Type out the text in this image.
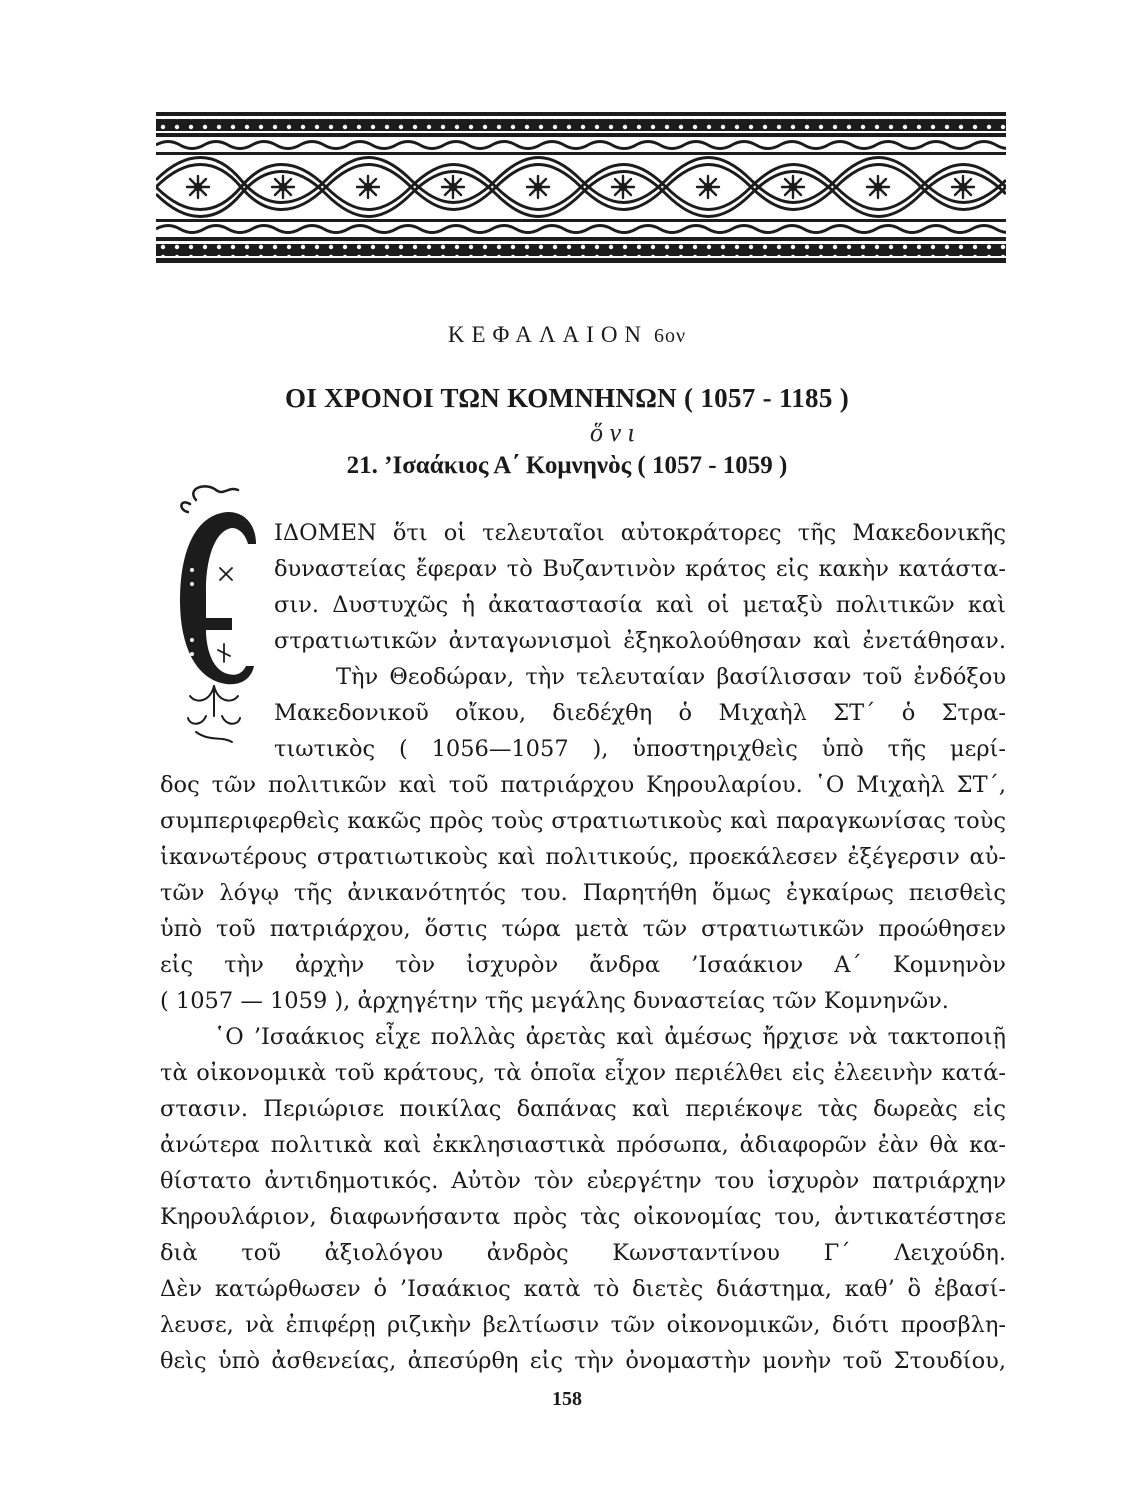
ΚΕΦΑΛΑΙΟΝ 6ον
ΟΙ ΧΡΟΝΟΙ ΤΩΝ ΚΟΜΝΗΝΩΝ ( 1057 - 1185 )
ὅ ν ι
21. ’Ισαάκιος Α΄ Κομνηνὸς ( 1057 - 1059 )
ΙΔΟΜΕΝ ὅτι οἱ τελευταῖοι αὐτοκράτορες τῆς Μακεδονικῆς
δυναστείας ἔφεραν τὸ Βυζαντινὸν κράτος εἰς κακὴν κατάστα-
σιν. Δυστυχῶς ἡ ἀκαταστασία καὶ οἱ μεταξὺ πολιτικῶν καὶ
στρατιωτικῶν ἀνταγωνισμοὶ ἐξηκολούθησαν καὶ ἐνετάθησαν.
Τὴν Θεοδώραν, τὴν τελευταίαν βασίλισσαν τοῦ ἐνδόξου
Μακεδονικοῦ οἴκου, διεδέχθη ὁ Μιχαὴλ ΣΤ΄ ὁ Στρα-
τιωτικὸς ( 1056—1057 ), ὑποστηριχθεὶς ὑπὸ τῆς μερί-
δος τῶν πολιτικῶν καὶ τοῦ πατριάρχου Κηρουλαρίου. ῾Ο Μιχαὴλ ΣΤ΄,
συμπεριφερθεὶς κακῶς πρὸς τοὺς στρατιωτικοὺς καὶ παραγκωνίσας τοὺς
ἱκανωτέρους στρατιωτικοὺς καὶ πολιτικούς, προεκάλεσεν ἐξέγερσιν αὐ-
τῶν λόγῳ τῆς ἀνικανότητός του. Παρητήθη ὅμως ἐγκαίρως πεισθεὶς
ὑπὸ τοῦ πατριάρχου, ὅστις τώρα μετὰ τῶν στρατιωτικῶν προώθησεν
εἰς τὴν ἀρχὴν τὸν ἰσχυρὸν ἄνδρα ’Ισαάκιον Α΄ Κομνηνὸν
( 1057 — 1059 ), ἀρχηγέτην τῆς μεγάλης δυναστείας τῶν Κομνηνῶν.
῾Ο ’Ισαάκιος εἶχε πολλὰς ἀρετὰς καὶ ἀμέσως ἤρχισε νὰ τακτοποιῇ
τὰ οἰκονομικὰ τοῦ κράτους, τὰ ὁποῖα εἶχον περιέλθει εἰς ἐλεεινὴν κατά-
στασιν. Περιώρισε ποικίλας δαπάνας καὶ περιέκοψε τὰς δωρεὰς εἰς
ἀνώτερα πολιτικὰ καὶ ἐκκλησιαστικὰ πρόσωπα, ἀδιαφορῶν ἐὰν θὰ κα-
θίστατο ἀντιδημοτικός. Αὐτὸν τὸν εὐεργέτην του ἰσχυρὸν πατριάρχην
Κηρουλάριον, διαφωνήσαντα πρὸς τὰς οἰκονομίας του, ἀντικατέστησε
διὰ τοῦ ἀξιολόγου ἀνδρὸς Κωνσταντίνου Γ΄ Λειχούδη.
Δὲν κατώρθωσεν ὁ ’Ισαάκιος κατὰ τὸ διετὲς διάστημα, καθ’ ὃ ἐβασί-
λευσε, νὰ ἐπιφέρῃ ριζικὴν βελτίωσιν τῶν οἰκονομικῶν, διότι προσβλη-
θεὶς ὑπὸ ἀσθενείας, ἀπεσύρθη εἰς τὴν ὀνομαστὴν μονὴν τοῦ Στουδίου,
158
